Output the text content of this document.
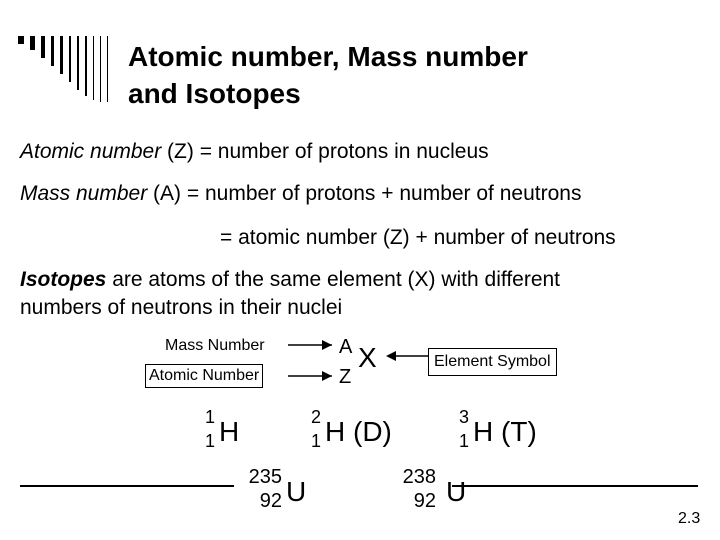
Atomic number, Mass number
and Isotopes
Atomic number (Z) = number of protons in nucleus
Mass number (A) = number of protons + number of neutrons
= atomic number (Z) + number of neutrons
Isotopes are atoms of the same element (X) with different
numbers of neutrons in their nuclei
Mass Number
Atomic Number
Element Symbol
A
Z
X
1
1 H	2
1 H (D)	3
1 H (T)
235
92 U	238
92 U
2.3
